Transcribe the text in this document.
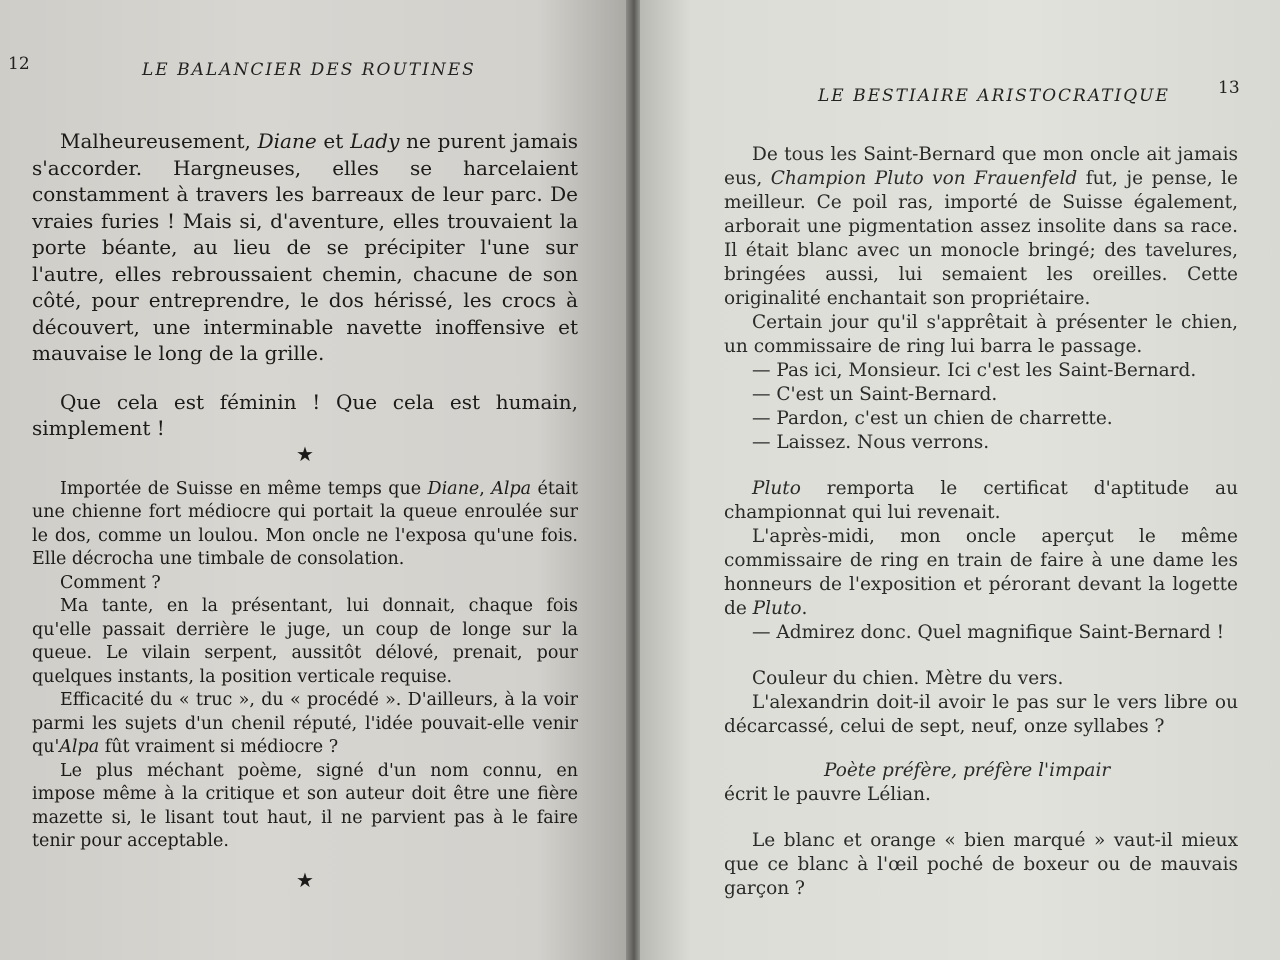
12	LE BALANCIER DES ROUTINES

Malheureusement, Diane et Lady ne purent jamais s'accorder. Hargneuses, elles se harcelaient constamment à travers les barreaux de leur parc. De vraies furies ! Mais si, d'aventure, elles trouvaient la porte béante, au lieu de se précipiter l'une sur l'autre, elles rebroussaient chemin, chacune de son côté, pour entreprendre, le dos hérissé, les crocs à découvert, une interminable navette inoffensive et mauvaise le long de la grille.

Que cela est féminin ! Que cela est humain, simplement !

★

Importée de Suisse en même temps que Diane, Alpa était une chienne fort médiocre qui portait la queue enroulée sur le dos, comme un loulou. Mon oncle ne l'exposa qu'une fois. Elle décrocha une timbale de consolation.

Comment ?

Ma tante, en la présentant, lui donnait, chaque fois qu'elle passait derrière le juge, un coup de longe sur la queue. Le vilain serpent, aussitôt délové, prenait, pour quelques instants, la position verticale requise.

Efficacité du « truc », du « procédé ». D'ailleurs, à la voir parmi les sujets d'un chenil réputé, l'idée pouvait-elle venir qu'Alpa fût vraiment si médiocre ?

Le plus méchant poème, signé d'un nom connu, en impose même à la critique et son auteur doit être une fière mazette si, le lisant tout haut, il ne parvient pas à le faire tenir pour acceptable.

★
LE BESTIAIRE ARISTOCRATIQUE	13

De tous les Saint-Bernard que mon oncle ait jamais eus, Champion Pluto von Frauenfeld fut, je pense, le meilleur. Ce poil ras, importé de Suisse également, arborait une pigmentation assez insolite dans sa race. Il était blanc avec un monocle bringé; des tavelures, bringées aussi, lui semaient les oreilles. Cette originalité enchantait son propriétaire.

Certain jour qu'il s'apprêtait à présenter le chien, un commissaire de ring lui barra le passage.

— Pas ici, Monsieur. Ici c'est les Saint-Bernard.

— C'est un Saint-Bernard.

— Pardon, c'est un chien de charrette.

— Laissez. Nous verrons.

Pluto remporta le certificat d'aptitude au championnat qui lui revenait.

L'après-midi, mon oncle aperçut le même commissaire de ring en train de faire à une dame les honneurs de l'exposition et pérorant devant la logette de Pluto.

— Admirez donc. Quel magnifique Saint-Bernard !

Couleur du chien. Mètre du vers.

L'alexandrin doit-il avoir le pas sur le vers libre ou décarcassé, celui de sept, neuf, onze syllabes ?

Poète préfère, préfère l'impair

écrit le pauvre Lélian.

Le blanc et orange « bien marqué » vaut-il mieux que ce blanc à l'œil poché de boxeur ou de mauvais garçon ?
